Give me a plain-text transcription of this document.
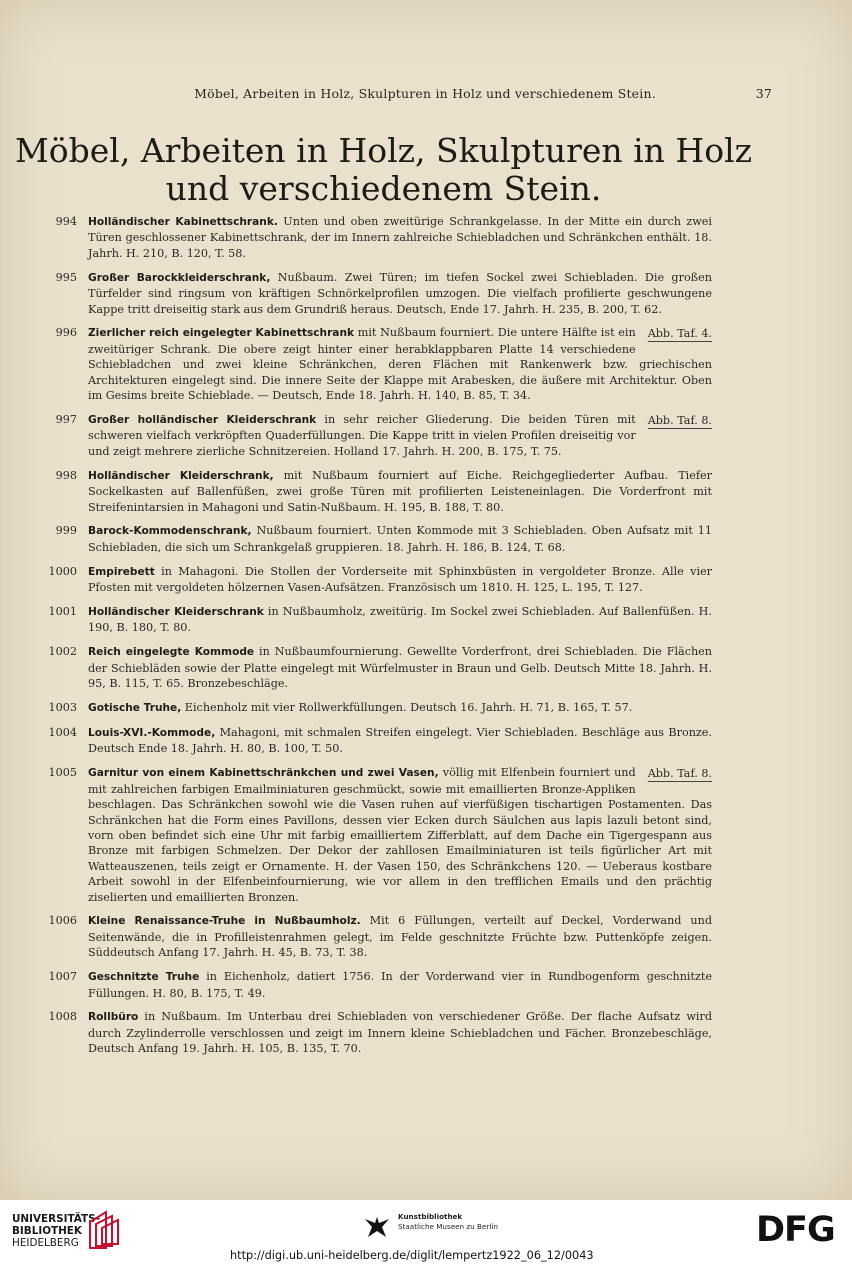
Möbel, Arbeiten in Holz, Skulpturen in Holz und verschiedenem Stein.	37
Möbel, Arbeiten in Holz, Skulpturen in Holz
und verschiedenem Stein.
994 Holländischer Kabinettschrank. Unten und oben zweitürige Schrankgelasse. In der Mitte ein durch zwei Türen geschlossener Kabinettschrank, der im Innern zahlreiche Schiebladchen und Schränkchen enthält. 18. Jahrh. H. 210, B. 120, T. 58.
995 Großer Barockkleiderschrank, Nußbaum. Zwei Türen; im tiefen Sockel zwei Schiebladen. Die großen Türfelder sind ringsum von kräftigen Schnörkelprofilen umzogen. Die vielfach profilierte geschwungene Kappe tritt dreiseitig stark aus dem Grundriß heraus. Deutsch, Ende 17. Jahrh. H. 235, B. 200, T. 62.
996	Abb. Taf. 4.
Zierlicher reich eingelegter Kabinettschrank mit Nußbaum fourniert. Die untere Hälfte ist ein zweitüriger Schrank. Die obere zeigt hinter einer herabklappbaren Platte 14 verschiedene Schiebladchen und zwei kleine Schränkchen, deren Flächen mit Rankenwerk bzw. griechischen Architekturen eingelegt sind. Die innere Seite der Klappe mit Arabesken, die äußere mit Architektur. Oben im Gesims breite Schieblade. — Deutsch, Ende 18. Jahrh. H. 140, B. 85, T. 34.
997	Abb. Taf. 8.
Großer holländischer Kleiderschrank in sehr reicher Gliederung. Die beiden Türen mit schweren vielfach verkröpften Quaderfüllungen. Die Kappe tritt in vielen Profilen dreiseitig vor und zeigt mehrere zierliche Schnitzereien. Holland 17. Jahrh. H. 200, B. 175, T. 75.
998 Holländischer Kleiderschrank, mit Nußbaum fourniert auf Eiche. Reichgegliederter Aufbau. Tiefer Sockelkasten auf Ballenfüßen, zwei große Türen mit profilierten Leisteneinlagen. Die Vorderfront mit Streifenintarsien in Mahagoni und Satin-Nußbaum. H. 195, B. 188, T. 80.
999 Barock-Kommodenschrank, Nußbaum fourniert. Unten Kommode mit 3 Schiebladen. Oben Aufsatz mit 11 Schiebladen, die sich um Schrankgelaß gruppieren. 18. Jahrh. H. 186, B. 124, T. 68.
1000 Empirebett in Mahagoni. Die Stollen der Vorderseite mit Sphinxbüsten in vergoldeter Bronze. Alle vier Pfosten mit vergoldeten hölzernen Vasen-Aufsätzen. Französisch um 1810. H. 125, L. 195, T. 127.
1001 Holländischer Kleiderschrank in Nußbaumholz, zweitürig. Im Sockel zwei Schiebladen. Auf Ballenfüßen. H. 190, B. 180, T. 80.
1002 Reich eingelegte Kommode in Nußbaumfournierung. Gewellte Vorderfront, drei Schiebladen. Die Flächen der Schiebläden sowie der Platte eingelegt mit Würfelmuster in Braun und Gelb. Deutsch Mitte 18. Jahrh. H. 95, B. 115, T. 65. Bronzebeschläge.
1003 Gotische Truhe, Eichenholz mit vier Rollwerkfüllungen. Deutsch 16. Jahrh. H. 71, B. 165, T. 57.
1004 Louis-XVI.-Kommode, Mahagoni, mit schmalen Streifen eingelegt. Vier Schiebladen. Beschläge aus Bronze. Deutsch Ende 18. Jahrh. H. 80, B. 100, T. 50.
1005	Abb. Taf. 8.
Garnitur von einem Kabinettschränkchen und zwei Vasen, völlig mit Elfenbein fourniert und mit zahlreichen farbigen Emailminiaturen geschmückt, sowie mit emaillierten Bronze-Appliken beschlagen. Das Schränkchen sowohl wie die Vasen ruhen auf vierfüßigen tischartigen Postamenten. Das Schränkchen hat die Form eines Pavillons, dessen vier Ecken durch Säulchen aus lapis lazuli betont sind, vorn oben befindet sich eine Uhr mit farbig emailliertem Zifferblatt, auf dem Dache ein Tigergespann aus Bronze mit farbigen Schmelzen. Der Dekor der zahllosen Emailminiaturen ist teils figürlicher Art mit Watteauszenen, teils zeigt er Ornamente. H. der Vasen 150, des Schränkchens 120. — Ueberaus kostbare Arbeit sowohl in der Elfenbeinfournierung, wie vor allem in den trefflichen Emails und den prächtig ziselierten und emaillierten Bronzen.
1006 Kleine Renaissance-Truhe in Nußbaumholz. Mit 6 Füllungen, verteilt auf Deckel, Vorderwand und Seitenwände, die in Profilleistenrahmen gelegt, im Felde geschnitzte Früchte bzw. Puttenköpfe zeigen. Süddeutsch Anfang 17. Jahrh. H. 45, B. 73, T. 38.
1007 Geschnitzte Truhe in Eichenholz, datiert 1756. In der Vorderwand vier in Rundbogenform geschnitzte Füllungen. H. 80, B. 175, T. 49.
1008 Rollbüro in Nußbaum. Im Unterbau drei Schiebladen von verschiedener Größe. Der flache Aufsatz wird durch Zzylinderrolle verschlossen und zeigt im Innern kleine Schiebladchen und Fächer. Bronzebeschläge, Deutsch Anfang 19. Jahrh. H. 105, B. 135, T. 70.
UNIVERSITÄTS-
BIBLIOTHEK
HEIDELBERG
Kunstbibliothek
Staatliche Museen zu Berlin	DFG
http://digi.ub.uni-heidelberg.de/diglit/lempertz1922_06_12/0043
